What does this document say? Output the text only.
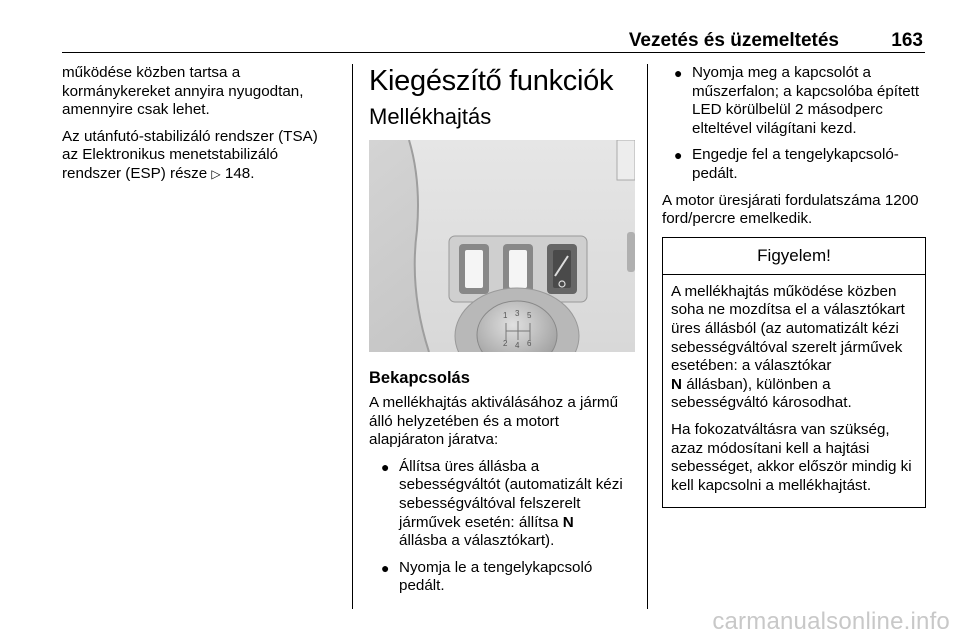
Vezetés és üzemeltetés	163

működése közben tartsa a kormánykereket annyira nyugodtan, amennyire csak lehet.

Az utánfutó-stabilizáló rendszer (TSA) az Elektronikus menetstabilizáló rendszer (ESP) része ▷ 148.

Kiegészítő funkciók
Mellékhajtás
1 3 5
2 4 6
Bekapcsolás

A mellékhajtás aktiválásához a jármű álló helyzetében és a motort alapjáraton járatva:

● Állítsa üres állásba a sebességváltót (automatizált kézi sebességváltóval felszerelt járművek esetén: állítsa N
állásba a választókart).
● Nyomja le a tengelykapcsoló pedált.
● Nyomja meg a kapcsolót a műszerfalon; a kapcsolóba épített LED körülbelül 2 másodperc elteltével világítani kezd.
● Engedje fel a tengelykapcsoló-pedált.

A motor üresjárati fordulatszáma 1200 ford/percre emelkedik.

Figyelem!

A mellékhajtás működése közben soha ne mozdítsa el a választókart üres állásból (az automatizált kézi sebességváltóval szerelt járművek esetében: a választókar
N állásban), különben a sebességváltó károsodhat.

Ha fokozatváltásra van szükség, azaz módosítani kell a hajtási sebességet, akkor először mindig ki kell kapcsolni a mellékhajtást.

carmanualsonline.info
